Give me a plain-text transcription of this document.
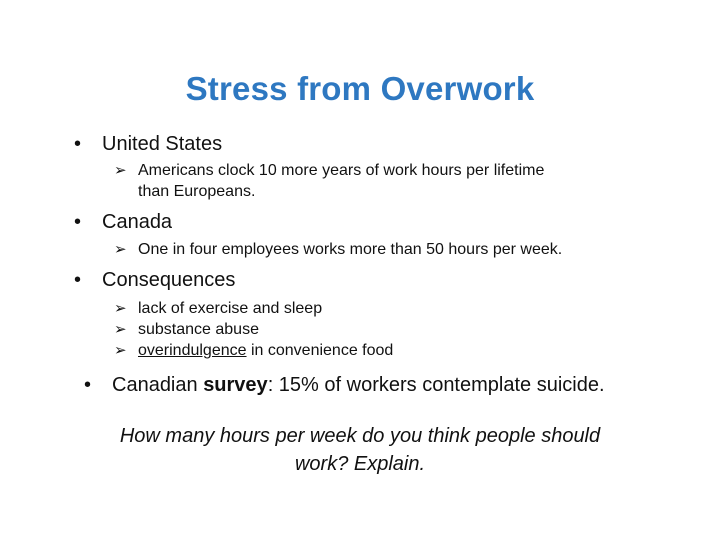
Stress from Overwork
• United States
➢ Americans clock 10 more years of work hours per lifetime
than Europeans.
• Canada
➢ One in four employees works more than 50 hours per week.
• Consequences
➢ lack of exercise and sleep
➢ substance abuse
➢ overindulgence in convenience food
• Canadian survey: 15% of workers contemplate suicide.
How many hours per week do you think people should
work? Explain.
